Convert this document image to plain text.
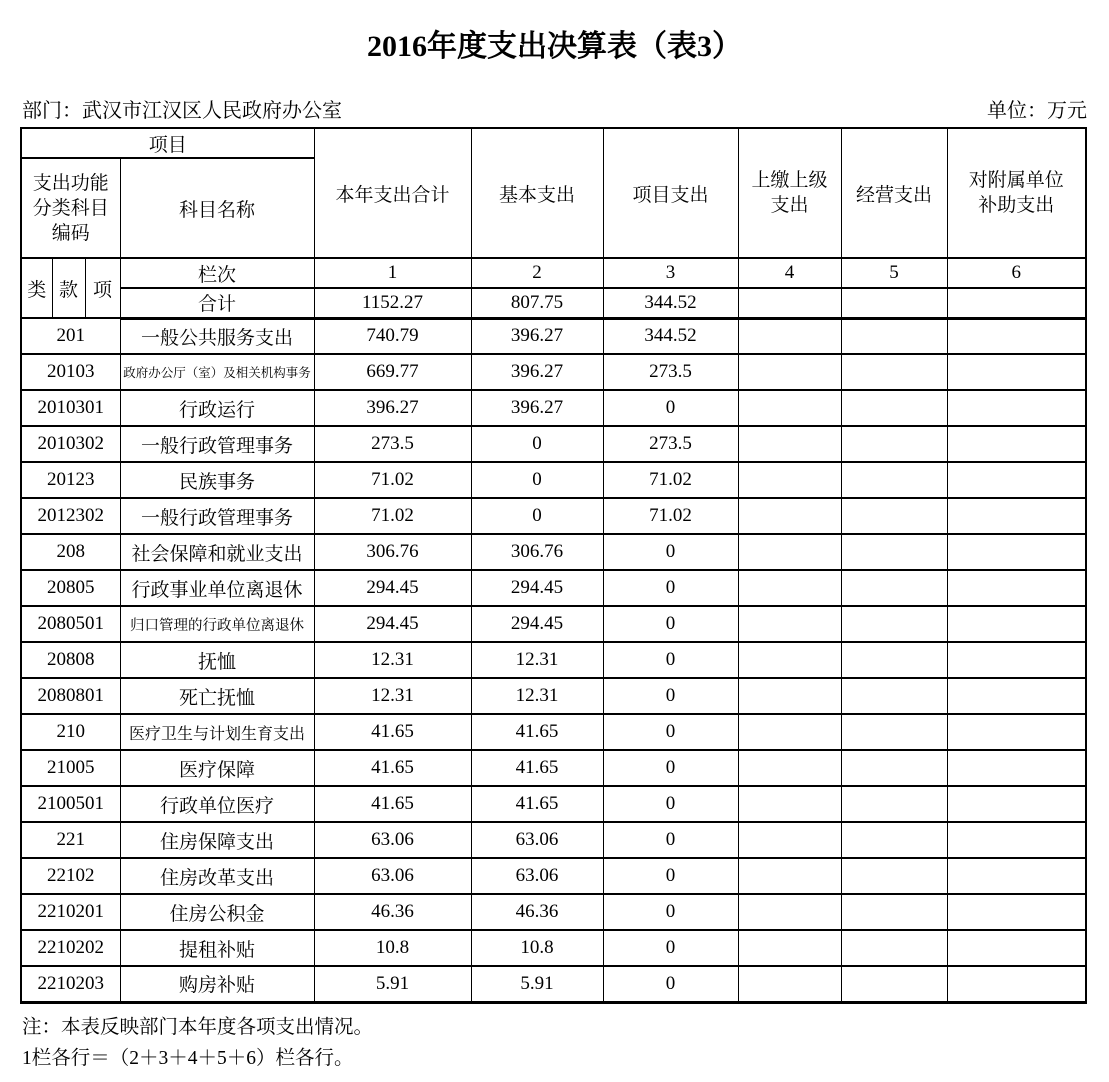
2016年度支出决算表（表3）
部门：武汉市江汉区人民政府办公室	单位：万元
项目				本年支出合计	基本支出	项目支出	上缴上级支出	经营支出	对附属单位补助支出

支出功能分类科目编码			科目名称						
类	款	项	栏次	1	2	3	4	5	6
			合计	1152.27	807.75	344.52			
201			一般公共服务支出	740.79	396.27	344.52			
20103			政府办公厅（室）及相关机构事务	669.77	396.27	273.5			
2010301			行政运行	396.27	396.27	0			
2010302			一般行政管理事务	273.5	0	273.5			
20123			民族事务	71.02	0	71.02			
2012302			一般行政管理事务	71.02	0	71.02			
208			社会保障和就业支出	306.76	306.76	0			
20805			行政事业单位离退休	294.45	294.45	0			
2080501			归口管理的行政单位离退休	294.45	294.45	0			
20808			抚恤	12.31	12.31	0			
2080801			死亡抚恤	12.31	12.31	0			
210			医疗卫生与计划生育支出	41.65	41.65	0			
21005			医疗保障	41.65	41.65	0			
2100501			行政单位医疗	41.65	41.65	0			
221			住房保障支出	63.06	63.06	0			
22102			住房改革支出	63.06	63.06	0			
2210201			住房公积金	46.36	46.36	0			
2210202			提租补贴	10.8	10.8	0			
2210203			购房补贴	5.91	5.91	0			
注：本表反映部门本年度各项支出情况。
1栏各行＝（2＋3＋4＋5＋6）栏各行。
